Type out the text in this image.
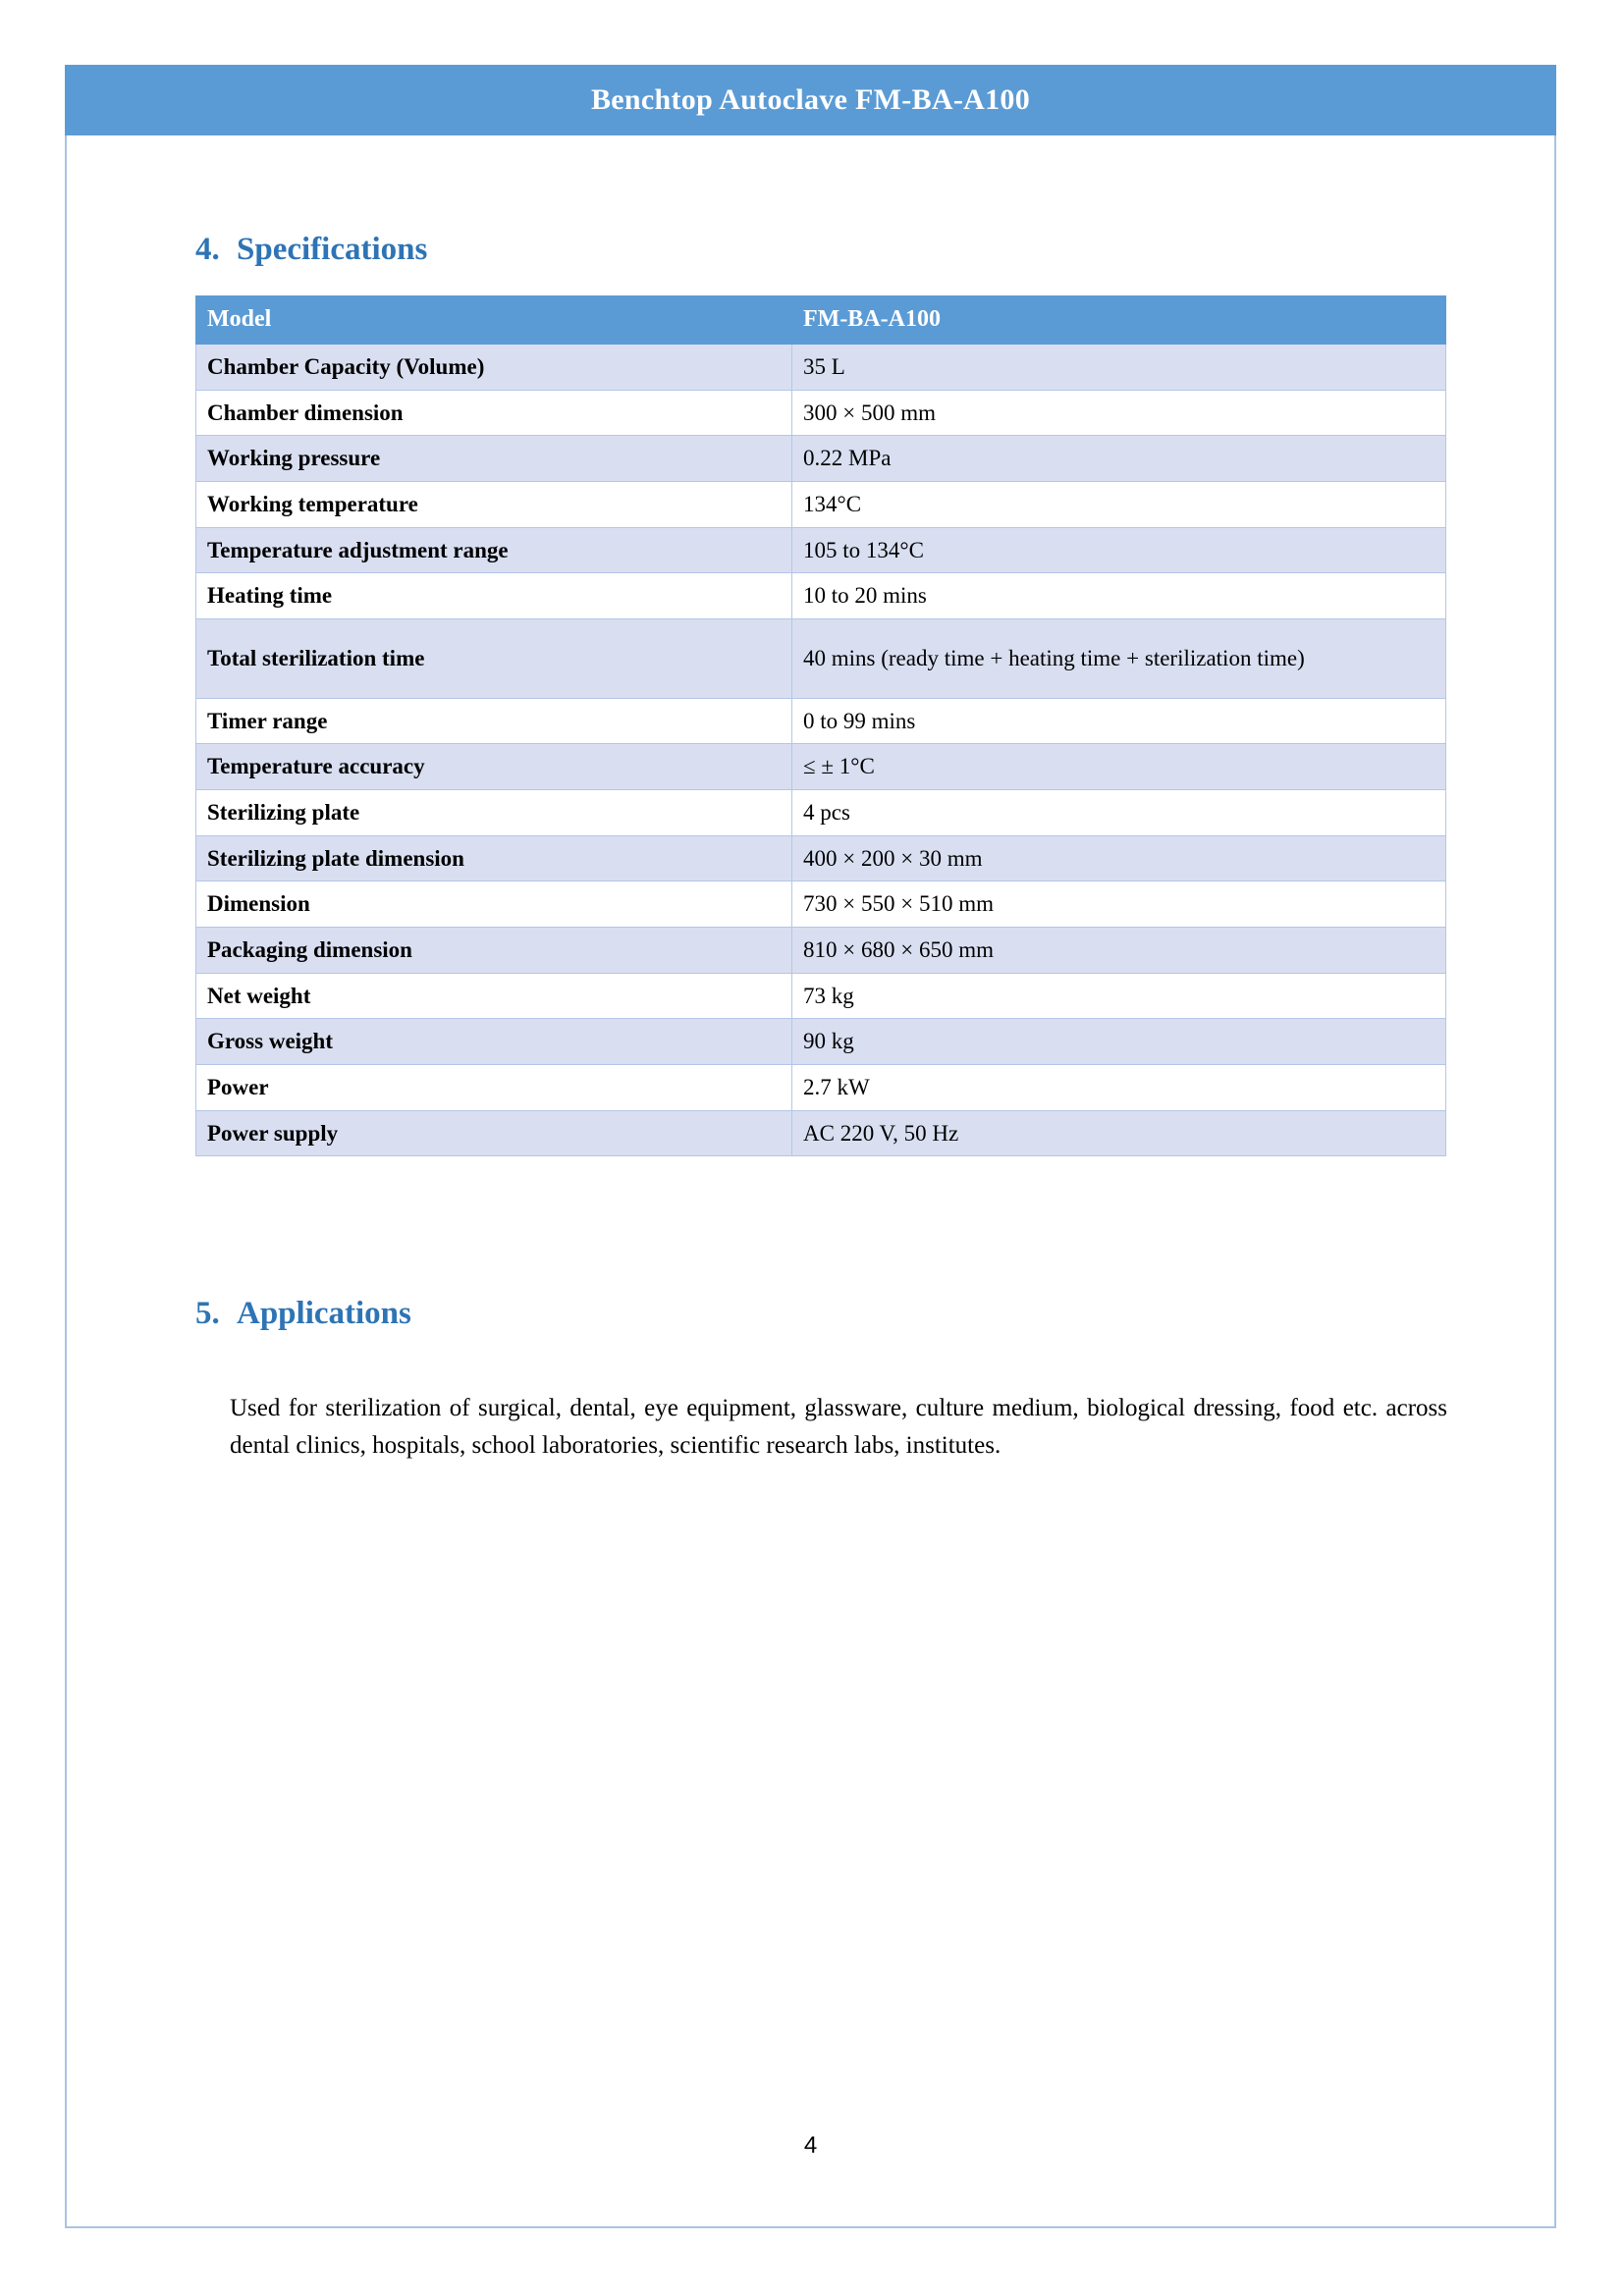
Benchtop Autoclave FM-BA-A100
4. Specifications
Model	FM-BA-A100
Chamber Capacity (Volume)	35 L
Chamber dimension	300 × 500 mm
Working pressure	0.22 MPa
Working temperature	134°C
Temperature adjustment range	105 to 134°C
Heating time	10 to 20 mins
Total sterilization time	40 mins (ready time + heating time + sterilization time)
Timer range	0 to 99 mins
Temperature accuracy	≤ ± 1°C
Sterilizing plate	4 pcs
Sterilizing plate dimension	400 × 200 × 30 mm
Dimension	730 × 550 × 510 mm
Packaging dimension	810 × 680 × 650 mm
Net weight	73 kg
Gross weight	90 kg
Power	2.7 kW
Power supply	AC 220 V, 50 Hz
5. Applications

Used for sterilization of surgical, dental, eye equipment, glassware, culture medium, biological dressing, food etc. across dental clinics, hospitals, school laboratories, scientific research labs, institutes.

4
